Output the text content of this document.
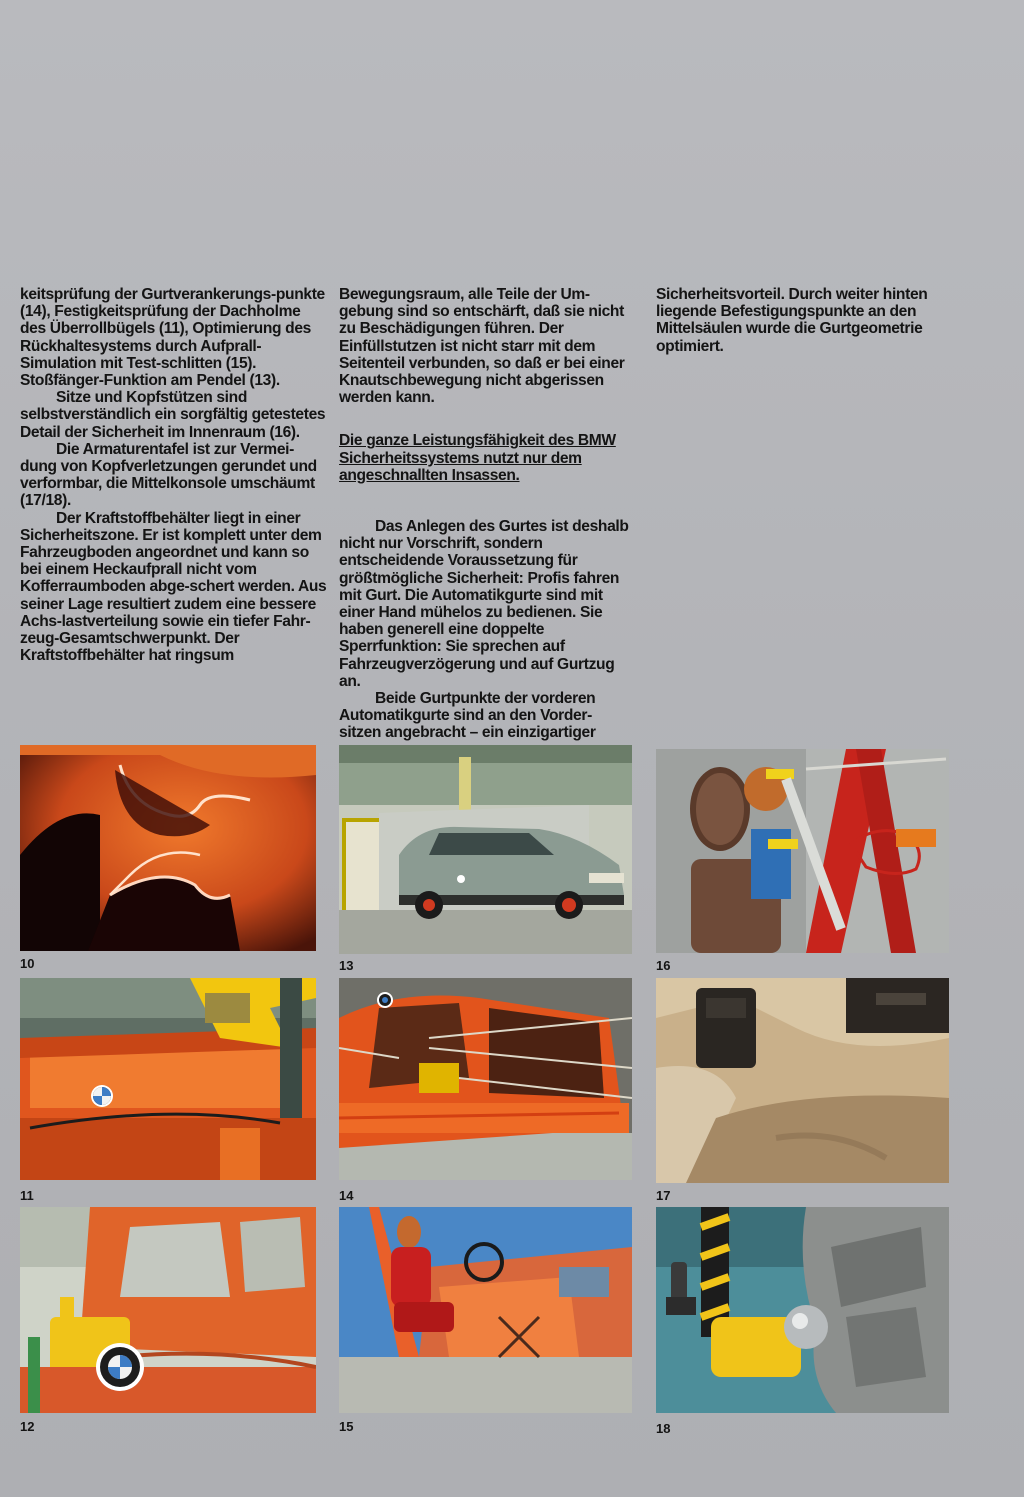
keitsprüfung der Gurtverankerungs-punkte (14), Festigkeitsprüfung der Dachholme des Überrollbügels (11), Optimierung des Rückhaltesystems durch Aufprall-Simulation mit Test-schlitten (15). Stoßfänger-Funktion am Pendel (13).

Sitze und Kopfstützen sind selbstverständlich ein sorgfältig getestetes Detail der Sicherheit im Innenraum (16).

Die Armaturentafel ist zur Vermei-dung von Kopfverletzungen gerundet und verformbar, die Mittelkonsole umschäumt (17/18).

Der Kraftstoffbehälter liegt in einer Sicherheitszone. Er ist komplett unter dem Fahrzeugboden angeordnet und kann so bei einem Heckaufprall nicht vom Kofferraumboden abge-schert werden. Aus seiner Lage resultiert zudem eine bessere Achs-lastverteilung sowie ein tiefer Fahr-zeug-Gesamtschwerpunkt. Der Kraftstoffbehälter hat ringsum

Bewegungsraum, alle Teile der Um-gebung sind so entschärft, daß sie nicht zu Beschädigungen führen. Der Einfüllstutzen ist nicht starr mit dem Seitenteil verbunden, so daß er bei einer Knautschbewegung nicht abgerissen werden kann.

Die ganze Leistungsfähigkeit des BMW Sicherheitssystems nutzt nur dem angeschnallten Insassen.

Das Anlegen des Gurtes ist deshalb nicht nur Vorschrift, sondern entscheidende Voraussetzung für größtmögliche Sicherheit: Profis fahren mit Gurt. Die Automatikgurte sind mit einer Hand mühelos zu bedienen. Sie haben generell eine doppelte Sperrfunktion: Sie sprechen auf Fahrzeugverzögerung und auf Gurtzug an.

Beide Gurtpunkte der vorderen Automatikgurte sind an den Vorder-sitzen angebracht – ein einzigartiger

Sicherheitsvorteil. Durch weiter hinten liegende Befestigungspunkte an den Mittelsäulen wurde die Gurtgeometrie optimiert.

10	13	16
11	14	17
12	15	18
